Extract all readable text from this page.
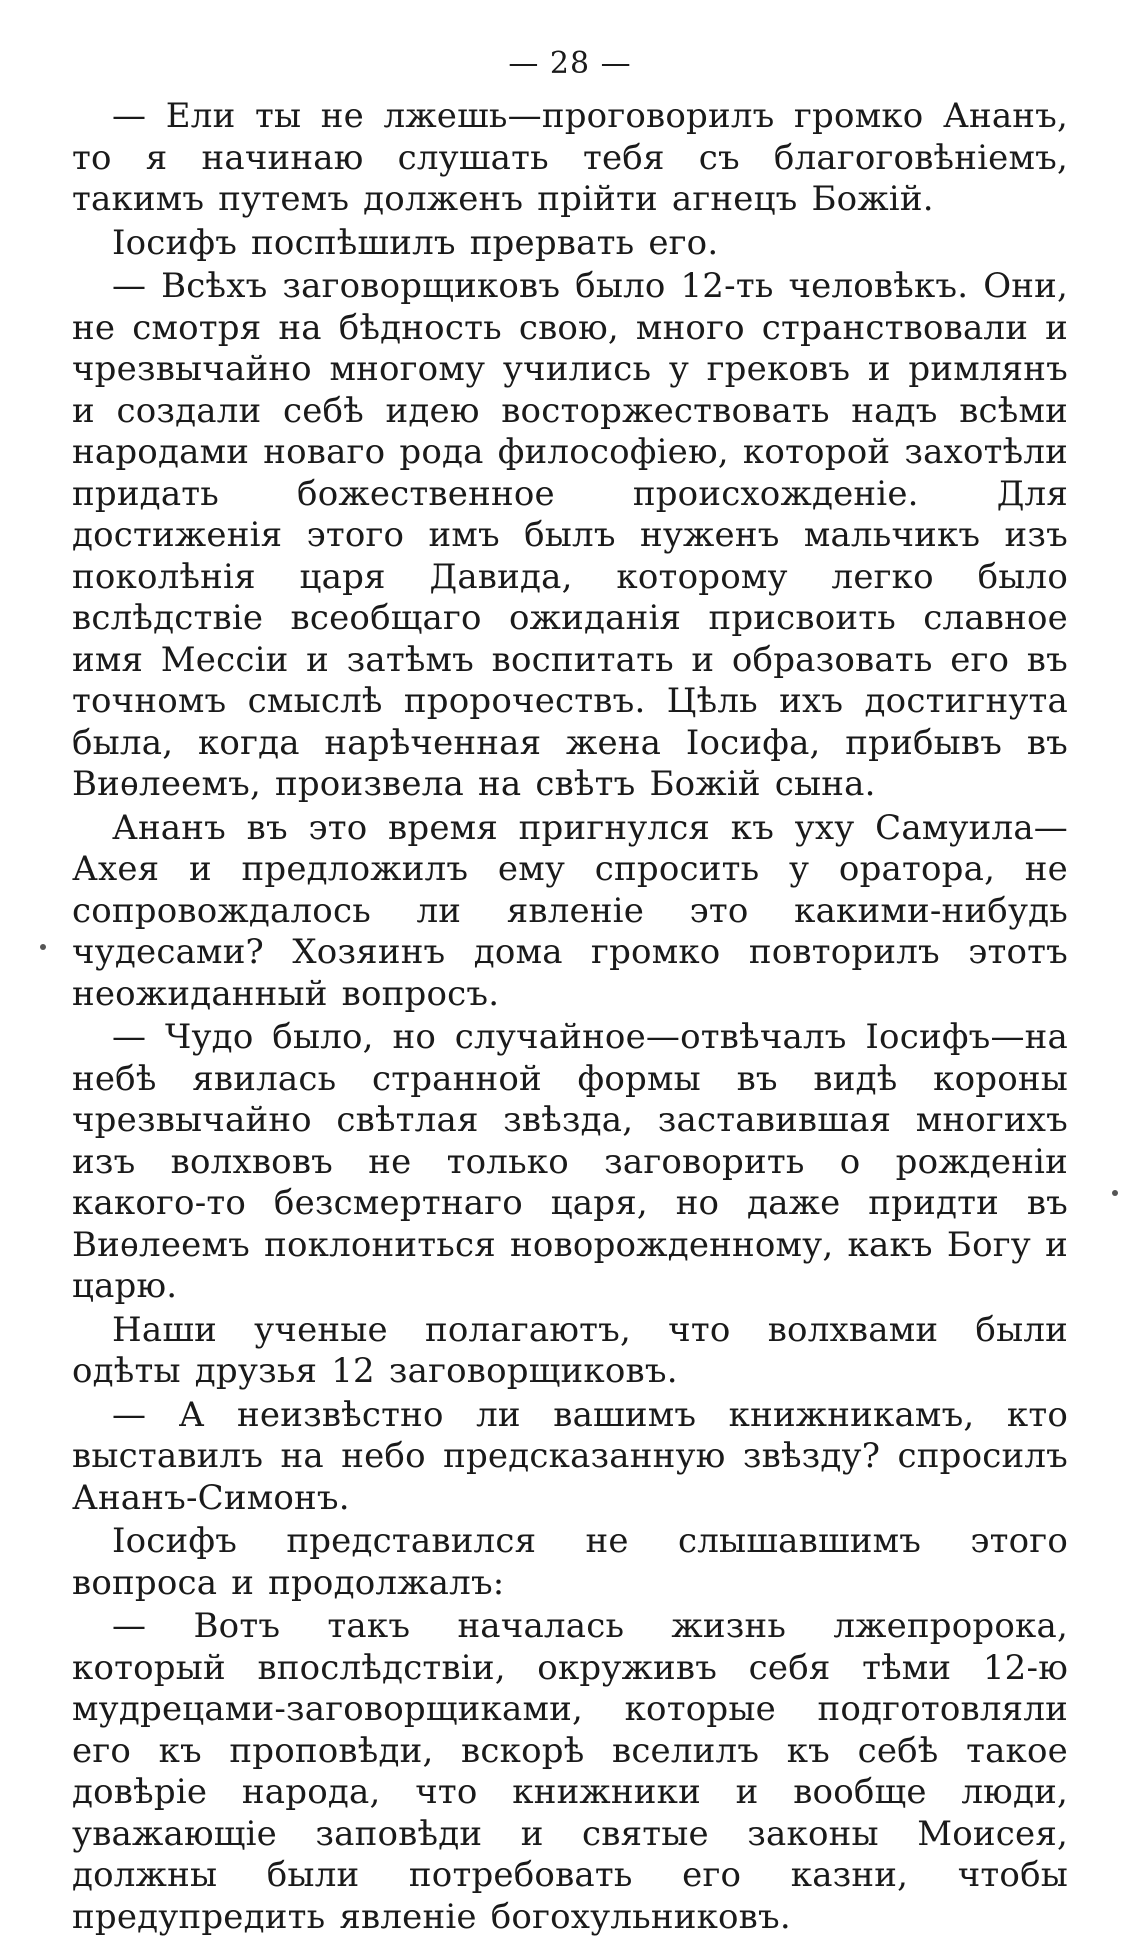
— 28 —

— Ели ты не лжешь—проговорилъ громко Ананъ, то я начинаю слушать тебя съ благоговѣнiемъ, такимъ путемъ долженъ прiйти агнецъ Божiй.

Iосифъ поспѣшилъ прервать его.

— Всѣхъ заговорщиковъ было 12-ть человѣкъ. Они, не смотря на бѣдность свою, много странствовали и чрезвычайно многому учились у грековъ и римлянъ и создали себѣ идею восторжествовать надъ всѣми народами новаго рода философiею, которой захотѣли придать божественное происхожденiе. Для достиженiя этого имъ былъ нуженъ мальчикъ изъ поколѣнiя царя Давида, которому легко было вслѣдствiе всеобщаго ожиданiя присвоить славное имя Мессiи и затѣмъ воспитать и образовать его въ точномъ смыслѣ пророчествъ. Цѣль ихъ достигнута была, когда нарѣченная жена Iосифа, прибывъ въ Виѳлеемъ, произвела на свѣтъ Божiй сына.

Ананъ въ это время пригнулся къ уху Самуила—Ахея и предложилъ ему спросить у оратора, не сопровождалось ли явленiе это какими-нибудь чудесами? Хозяинъ дома громко повторилъ этотъ неожиданный вопросъ.

— Чудо было, но случайное—отвѣчалъ Iосифъ—на небѣ явилась странной формы въ видѣ короны чрезвычайно свѣтлая звѣзда, заставившая многихъ изъ волхвовъ не только заговорить о рожденiи какого-то безсмертнаго царя, но даже придти въ Виѳлеемъ поклониться новорожденному, какъ Богу и царю.

Наши ученые полагаютъ, что волхвами были одѣты друзья 12 заговорщиковъ.

— А неизвѣстно ли вашимъ книжникамъ, кто выставилъ на небо предсказанную звѣзду? спросилъ Ананъ-Симонъ.

Iосифъ представился не слышавшимъ этого вопроса и продолжалъ:

— Вотъ такъ началась жизнь лжепророка, который впослѣдствiи, окруживъ себя тѣми 12-ю мудрецами-заговорщиками, которые подготовляли его къ проповѣди, вскорѣ вселилъ къ себѣ такое довѣрiе народа, что книжники и вообще люди, уважающiе заповѣди и святые законы Моисея, должны были потребовать его казни, чтобы предупредить явленiе богохульниковъ.
